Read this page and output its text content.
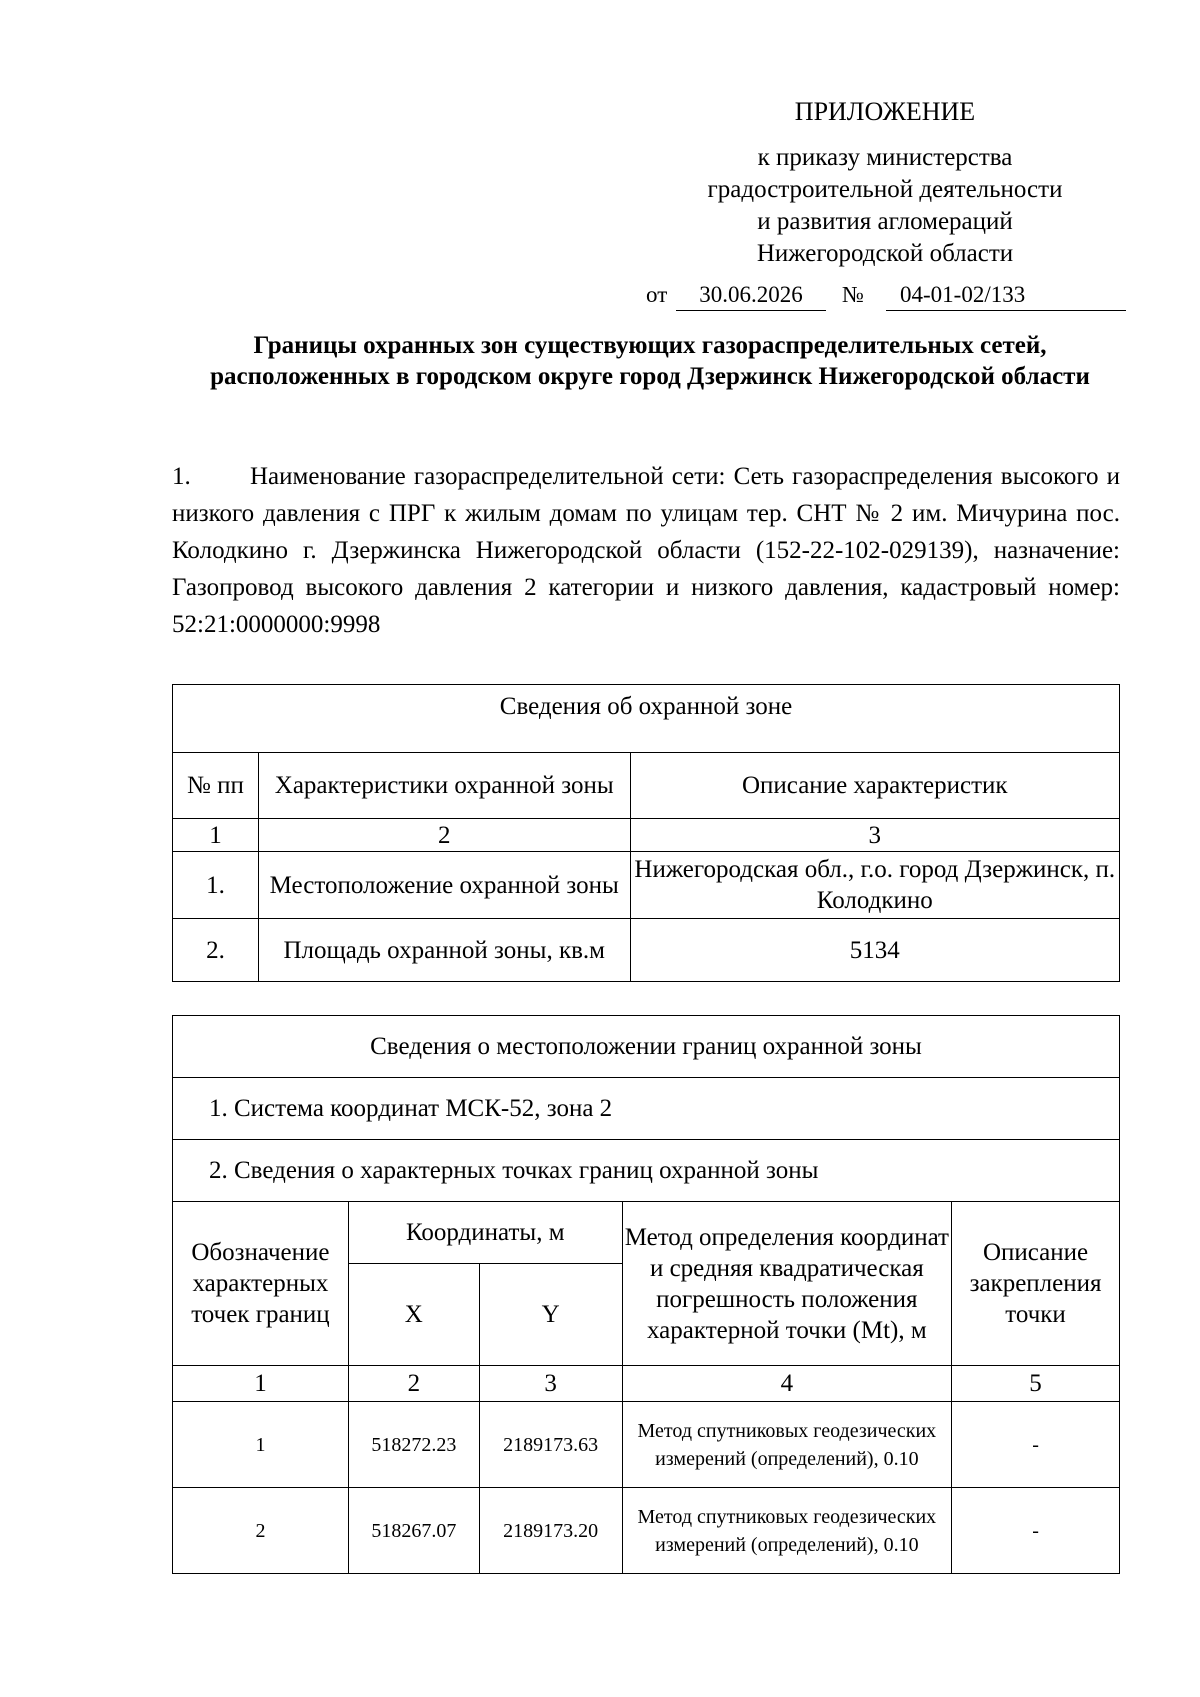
ПРИЛОЖЕНИЕ
к приказу министерства
градостроительной деятельности
и развития агломераций
Нижегородской области
от	30.06.2026	№	04-01-02/133
Границы охранных зон существующих газораспределительных сетей, расположенных в городском округе город Дзержинск Нижегородской области
1. Наименование газораспределительной сети: Сеть газораспределения высокого и низкого давления с ПРГ к жилым домам по улицам тер. СНТ № 2 им. Мичурина пос. Колодкино г. Дзержинска Нижегородской области (152-22-102-029139), назначение: Газопровод высокого давления 2 категории и низкого давления, кадастровый номер: 52:21:0000000:9998
Сведения об охранной зоне		
№ пп	Характеристики охранной зоны	Описание характеристик
1	2	3
1.	Местоположение охранной зоны	Нижегородская обл., г.о. город Дзержинск, п. Колодкино
2.	Площадь охранной зоны, кв.м	5134
Сведения о местоположении границ охранной зоны				
1. Система координат МСК-52, зона 2				
2. Сведения о характерных точках границ охранной зоны				
Обозначение характерных точек границ	Координаты, м		Метод определения координат и средняя квадратическая погрешность положения характерной точки (Mt), м	Описание закрепления точки
	X	Y		
1	2	3	4	5
1	518272.23	2189173.63	Метод спутниковых геодезических измерений (определений), 0.10	-
2	518267.07	2189173.20	Метод спутниковых геодезических измерений (определений), 0.10	-
